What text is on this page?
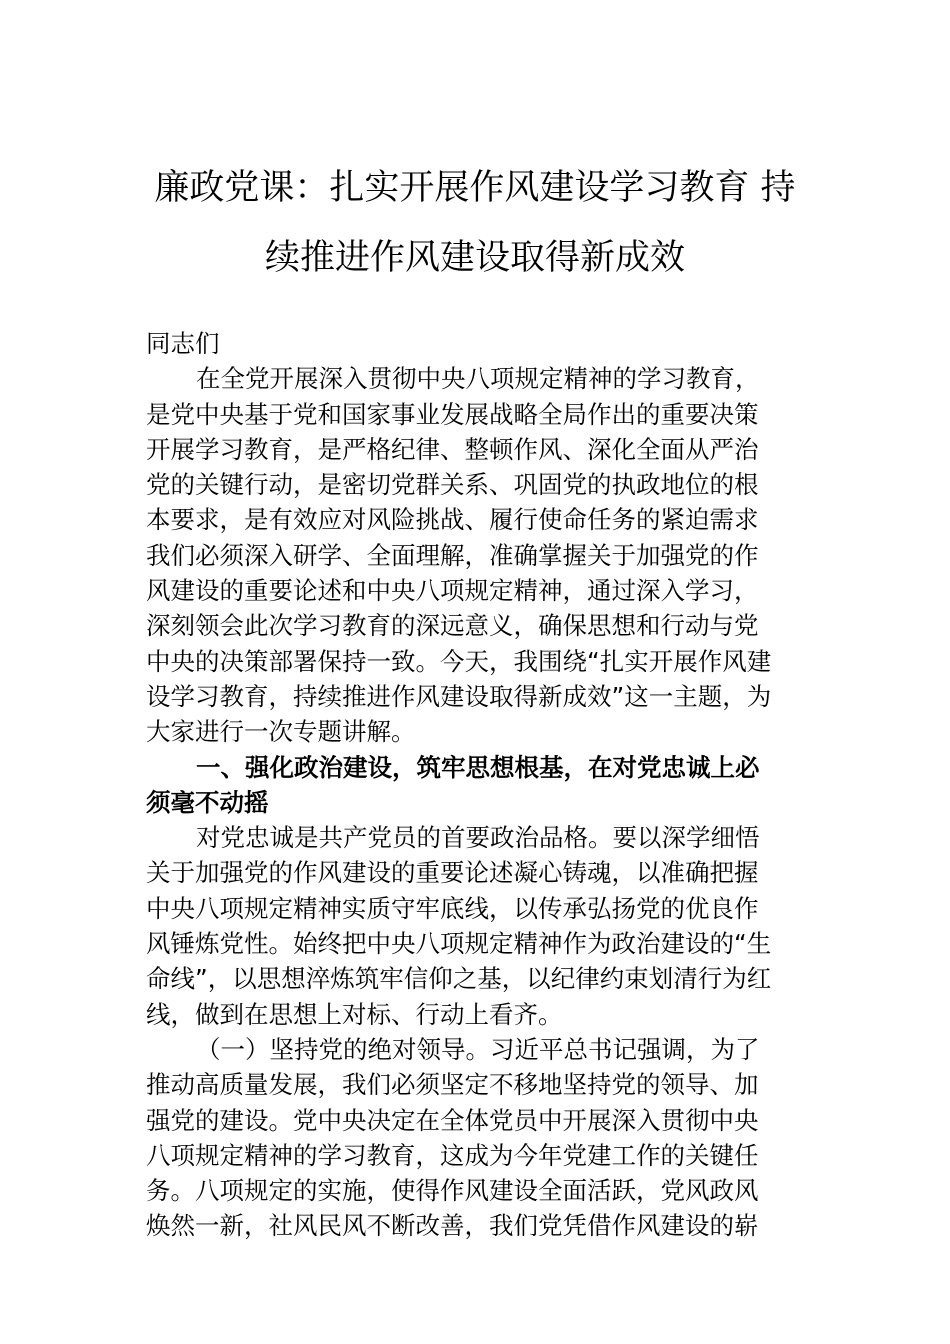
廉政党课：扎实开展作风建设学习教育 持
续推进作风建设取得新成效
同志们
在全党开展深入贯彻中央八项规定精神的学习教育，
是党中央基于党和国家事业发展战略全局作出的重要决策
开展学习教育，是严格纪律、整顿作风、深化全面从严治
党的关键行动，是密切党群关系、巩固党的执政地位的根
本要求，是有效应对风险挑战、履行使命任务的紧迫需求
我们必须深入研学、全面理解，准确掌握关于加强党的作
风建设的重要论述和中央八项规定精神，通过深入学习，
深刻领会此次学习教育的深远意义，确保思想和行动与党
中央的决策部署保持一致。今天，我围绕“扎实开展作风建
设学习教育，持续推进作风建设取得新成效”这一主题，为
大家进行一次专题讲解。
一、强化政治建设，筑牢思想根基，在对党忠诚上必
须毫不动摇
对党忠诚是共产党员的首要政治品格。要以深学细悟
关于加强党的作风建设的重要论述凝心铸魂，以准确把握
中央八项规定精神实质守牢底线，以传承弘扬党的优良作
风锤炼党性。始终把中央八项规定精神作为政治建设的“生
命线”，以思想淬炼筑牢信仰之基，以纪律约束划清行为红
线，做到在思想上对标、行动上看齐。
（一）坚持党的绝对领导。习近平总书记强调，为了
推动高质量发展，我们必须坚定不移地坚持党的领导、加
强党的建设。党中央决定在全体党员中开展深入贯彻中央
八项规定精神的学习教育，这成为今年党建工作的关键任
务。八项规定的实施，使得作风建设全面活跃，党风政风
焕然一新，社风民风不断改善，我们党凭借作风建设的崭
